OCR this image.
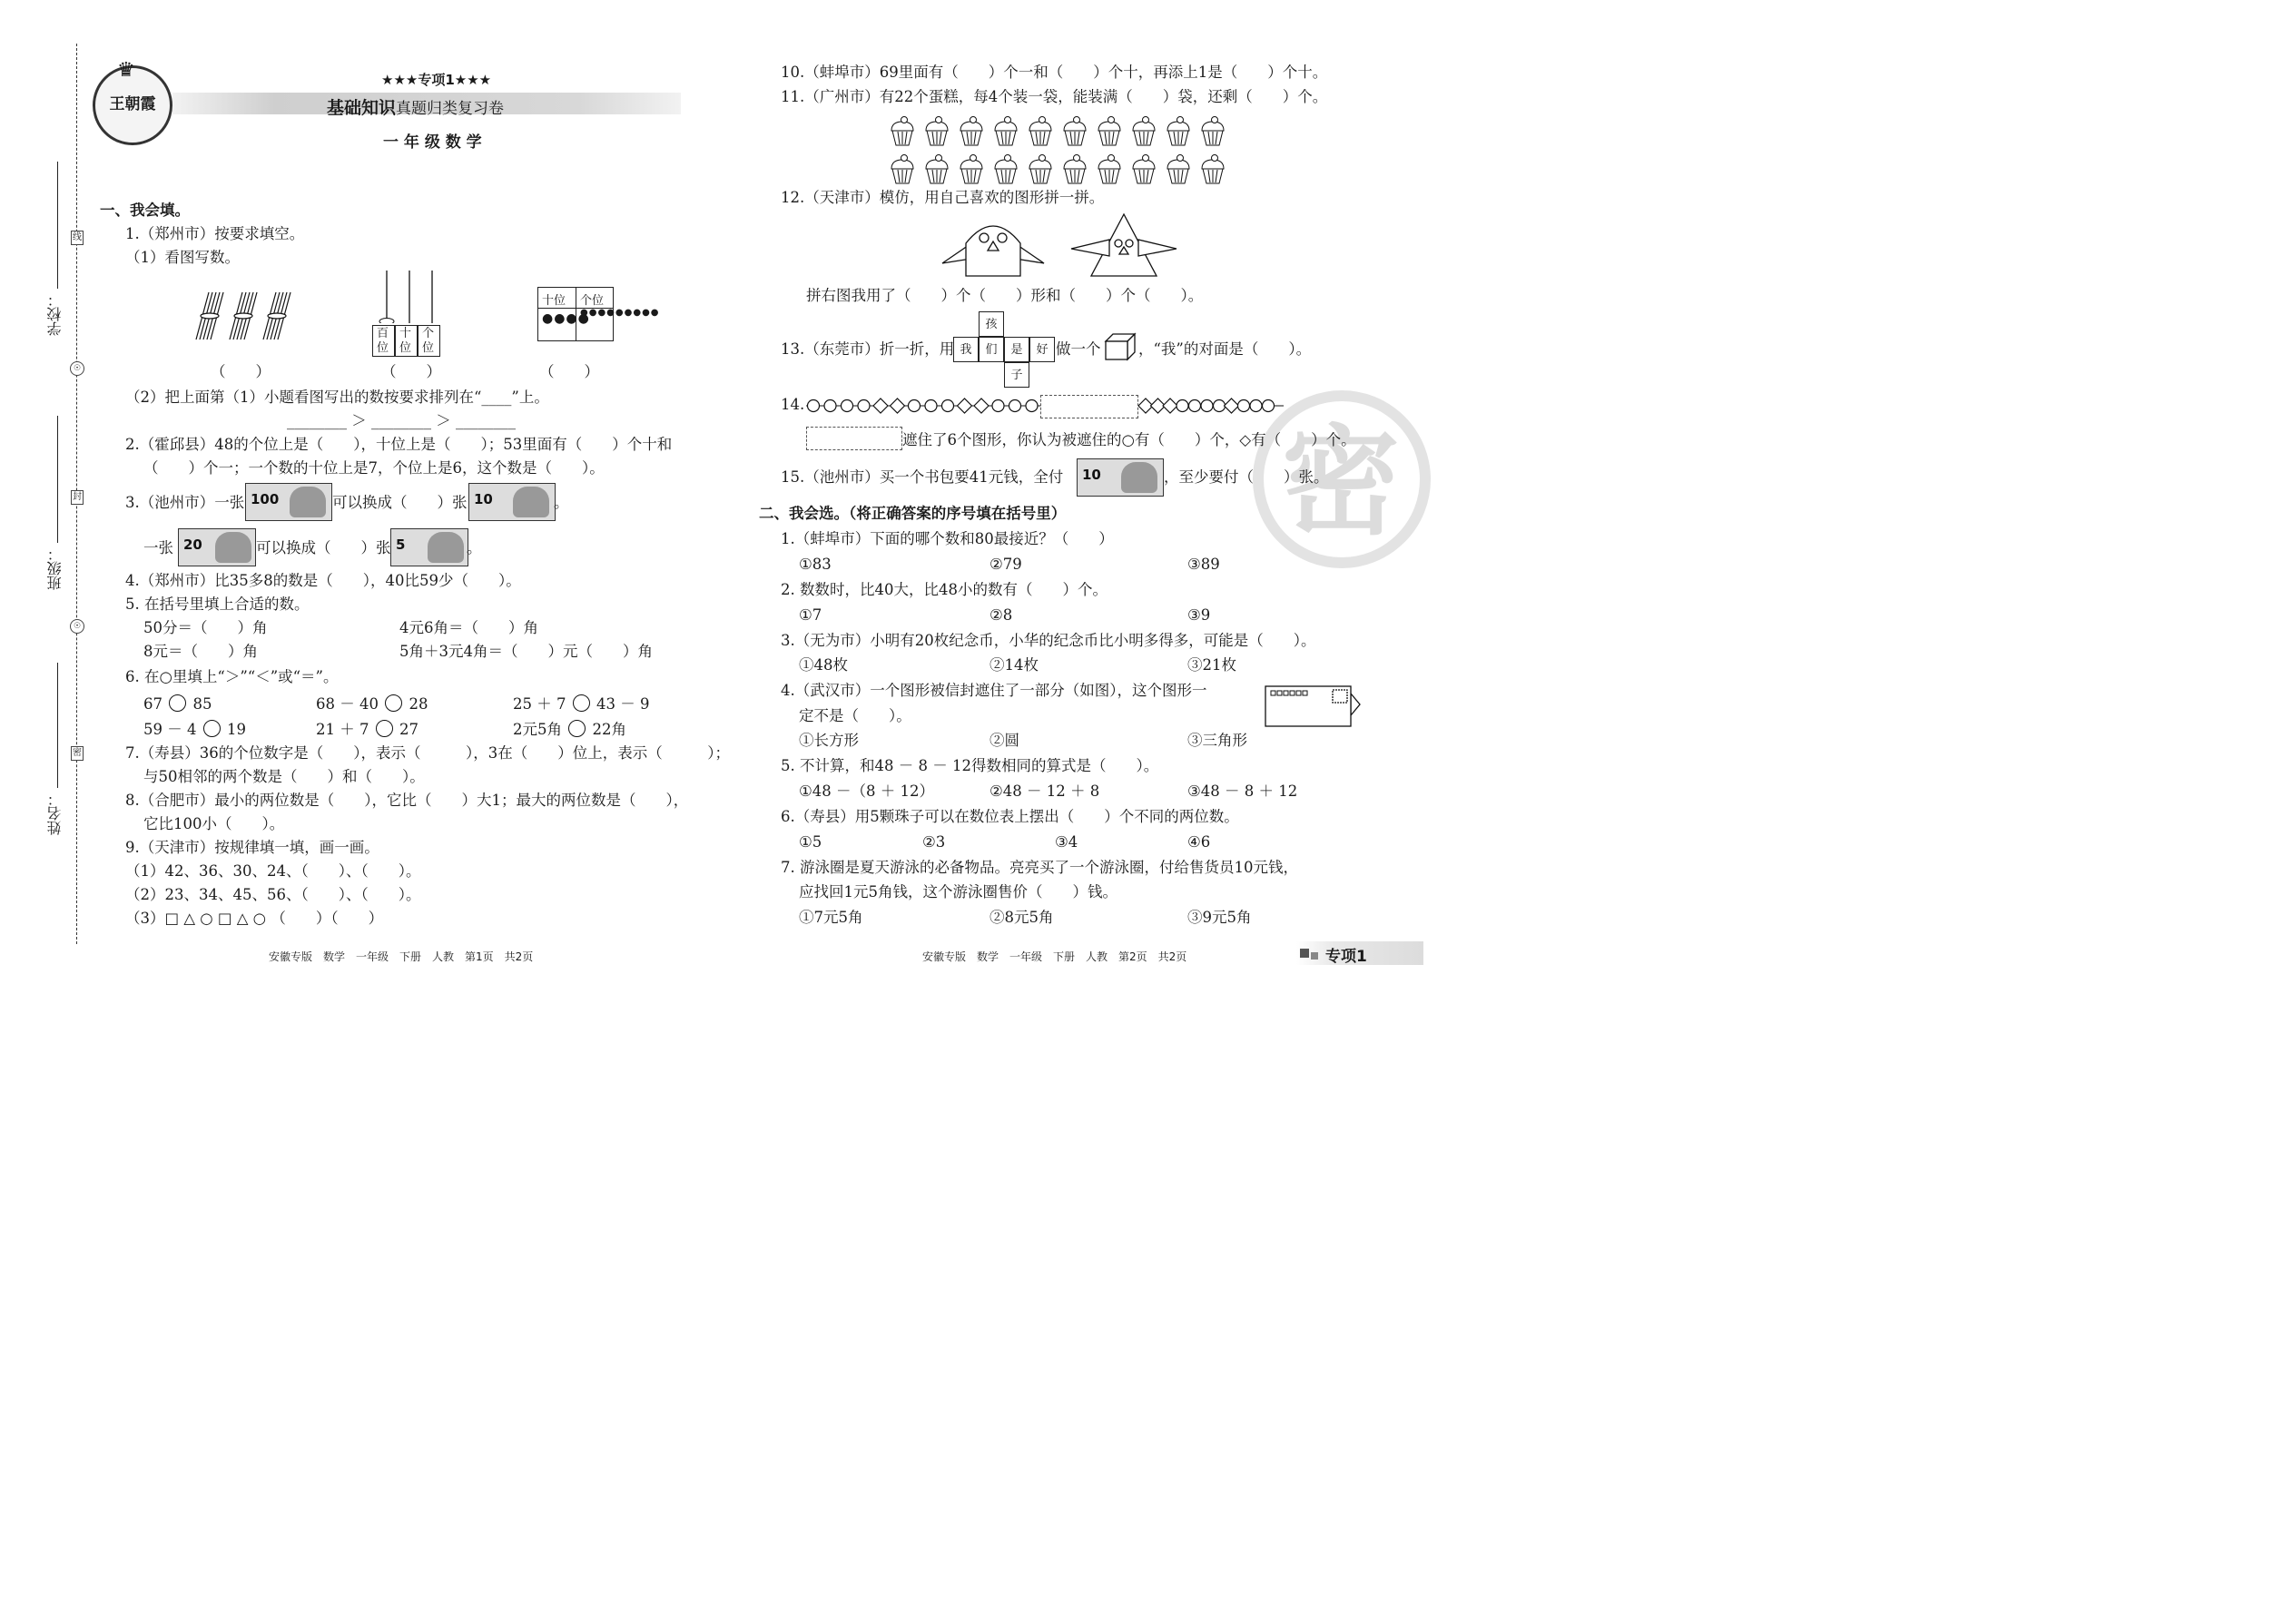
学校：
班级：
姓名：
线
☉
封
☉
密
♛
王朝霞
★★★专项1★★★
基础知识真题归类复习卷
一 年 级 数 学
一、我会填。
1.（郑州市）按要求填空。
（1）看图写数。
百位
十位
个位
十位 个位
●●●●
●●●●●●●●●
（　　）	（　　）	（　　）
（2）把上面第（1）小题看图写出的数按要求排列在“____”上。
________ ＞ ________ ＞ ________
2.（霍邱县）48的个位上是（　　），十位上是（　　）；53里面有（　　）个十和
（　　）个一；一个数的十位上是7，个位上是6，这个数是（　　）。
3.（池州市）一张 100	可以换成（　　）张 10	。
一张 20	可以换成（　　）张 5	。
4.（郑州市）比35多8的数是（　　），40比59少（　　）。
5. 在括号里填上合适的数。
50分＝（　　）角	4元6角＝（　　）角
8元＝（　　）角	5角＋3元4角＝（　　）元（　　）角
6. 在○里填上“＞”“＜”或“＝”。
67 85	68 － 40 28	25 ＋ 7 43 － 9
59 － 4 19	21 ＋ 7 27	2元5角 22角
7.（寿县）36的个位数字是（　　），表示（　　　），3在（　　）位上，表示（　　　）；
与50相邻的两个数是（　　）和（　　）。
8.（合肥市）最小的两位数是（　　），它比（　　）大1；最大的两位数是（　　），
它比100小（　　）。
9.（天津市）按规律填一填，画一画。
（1）42、36、30、24、（　　）、（　　）。
（2）23、34、45、56、（　　）、（　　）。
（3）□ △ ○ □ △ ○ （　　）（　　）
安徽专版　数学　一年级　下册　人教　第1页　共2页
密
10.（蚌埠市）69里面有（　　）个一和（　　）个十，再添上1是（　　）个十。
11.（广州市）有22个蛋糕，每4个装一袋，能装满（　　）袋，还剩（　　）个。
12.（天津市）模仿，用自己喜欢的图形拼一拼。
拼右图我用了（　　）个（　　）形和（　　）个（　　）。
13.（东莞市）折一折，用
孩
我	们	是	好
子
做一个	，“我”的对面是（　　）。
14.
遮住了6个图形，你认为被遮住的○有（　　）个，◇有（　　）个。
15.（池州市）买一个书包要41元钱，全付 10	，至少要付（　　）张。
二、我会选。（将正确答案的序号填在括号里）
1.（蚌埠市）下面的哪个数和80最接近？（　　）
①83	②79	③89
2. 数数时，比40大，比48小的数有（　　）个。
①7	②8	③9
3.（无为市）小明有20枚纪念币，小华的纪念币比小明多得多，可能是（　　）。
①48枚	②14枚	③21枚
4.（武汉市）一个图形被信封遮住了一部分（如图），这个图形一
定不是（　　）。
①长方形	②圆	③三角形
5. 不计算，和48 － 8 － 12得数相同的算式是（　　）。
①48 －（8 ＋ 12）	②48 － 12 ＋ 8	③48 － 8 ＋ 12
6.（寿县）用5颗珠子可以在数位表上摆出（　　）个不同的两位数。
①5	②3	③4	④6
7. 游泳圈是夏天游泳的必备物品。亮亮买了一个游泳圈，付给售货员10元钱，
应找回1元5角钱，这个游泳圈售价（　　）钱。
①7元5角	②8元5角	③9元5角
安徽专版　数学　一年级　下册　人教　第2页　共2页	专项1
